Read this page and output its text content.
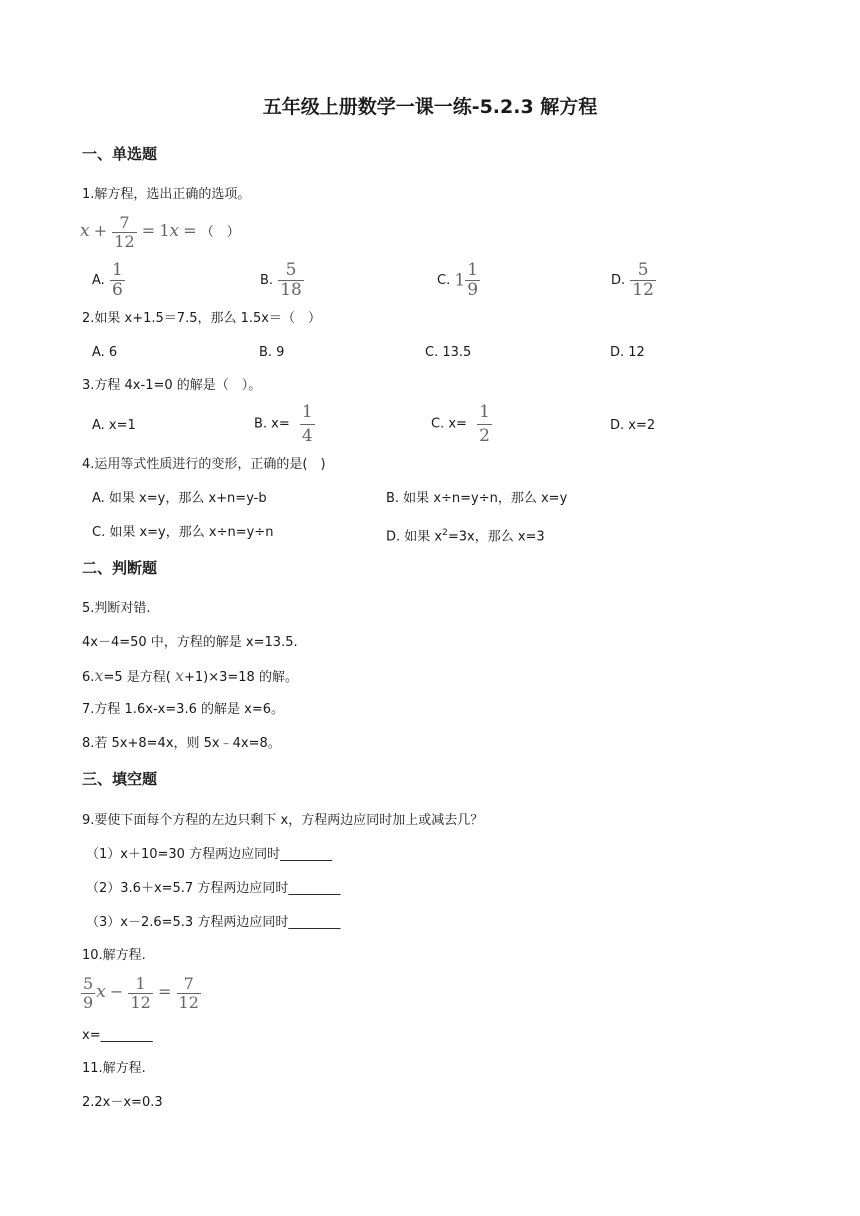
五年级上册数学一课一练-5.2.3 解方程
一、单选题
1.解方程，选出正确的选项。
$x + \frac{7}{12} = 1x$ = （　）
A. $\frac{1}{6}$	B. $\frac{5}{18}$	C. $1 \frac{1}{9}$	D. $\frac{5}{12}$
2.如果 x+1.5＝7.5，那么 1.5x＝（　）
A. 6	B. 9	C. 13.5	D. 12
3.方程 4x-1=0 的解是（　）。
A. x=1	B. $x= \frac{1}{4}$	C. $x= \frac{1}{2}$	D. x=2
4.运用等式性质进行的变形，正确的是(　)
A. 如果 x=y，那么 x+n=y-b	B. 如果 x÷n=y÷n，那么 x=y
C. 如果 x=y，那么 x÷n=y÷n	D. 如果 $x^2=3x$，那么 x=3
二、判断题
5.判断对错.
4x－4=50 中，方程的解是 x=13.5.
6.x=5 是方程( x+1)×3=18 的解。
7.方程 1.6x-x=3.6 的解是 x=6。
8.若 5x+8=4x，则 5x﹣4x=8。
三、填空题
9.要使下面每个方程的左边只剩下 x，方程两边应同时加上或减去几？
（1）x＋10=30 方程两边应同时________
（2）3.6＋x=5.7 方程两边应同时________
（3）x－2.6=5.3 方程两边应同时________
10.解方程.
$\frac{5}{9}$ $x - \frac{1}{12} = \frac{7}{12}$
x=________
11.解方程.
2.2x－x=0.3
